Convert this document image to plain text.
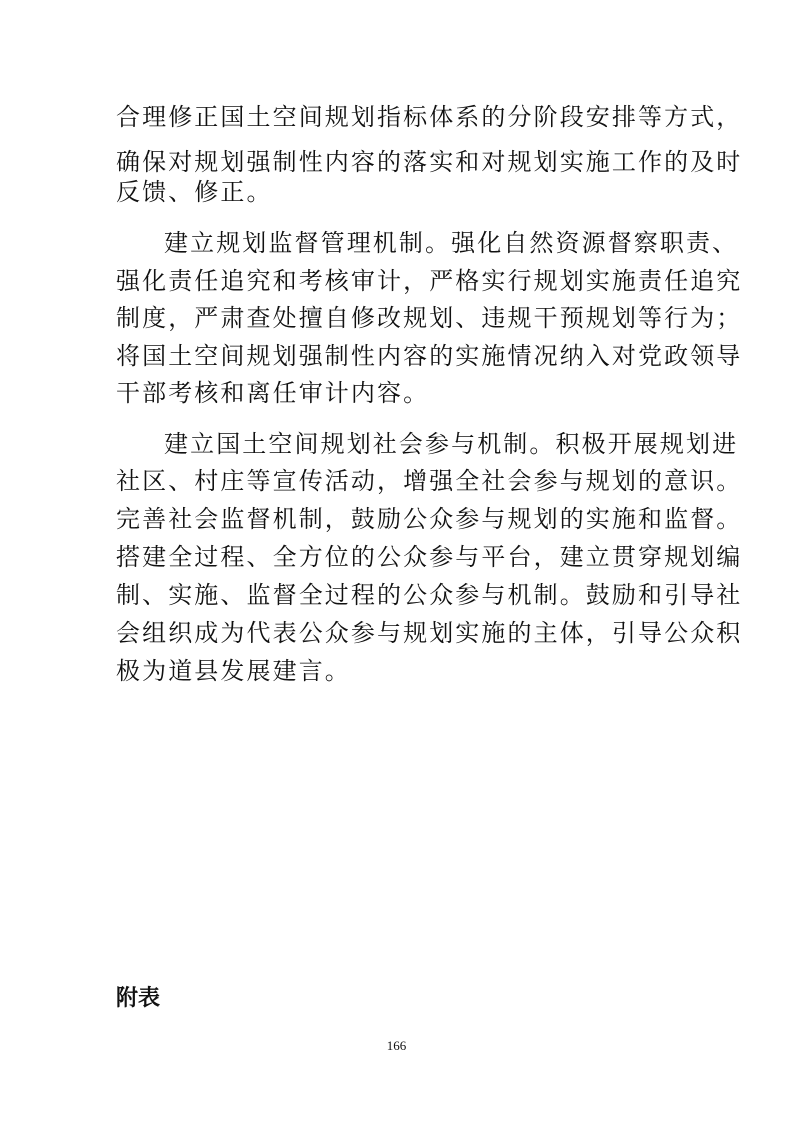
合理修正国土空间规划指标体系的分阶段安排等方式，
确保对规划强制性内容的落实和对规划实施工作的及时
反馈、修正。
建立规划监督管理机制。强化自然资源督察职责、
强化责任追究和考核审计，严格实行规划实施责任追究
制度，严肃查处擅自修改规划、违规干预规划等行为；
将国土空间规划强制性内容的实施情况纳入对党政领导
干部考核和离任审计内容。
建立国土空间规划社会参与机制。积极开展规划进
社区、村庄等宣传活动，增强全社会参与规划的意识。
完善社会监督机制，鼓励公众参与规划的实施和监督。
搭建全过程、全方位的公众参与平台，建立贯穿规划编
制、实施、监督全过程的公众参与机制。鼓励和引导社
会组织成为代表公众参与规划实施的主体，引导公众积
极为道县发展建言。
附表
166
